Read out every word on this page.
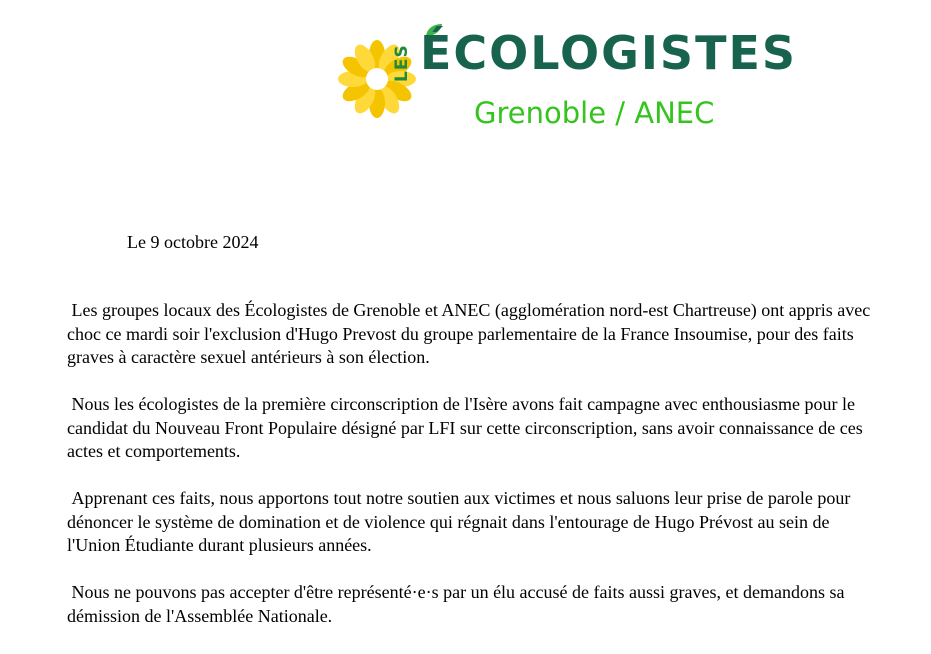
LES ÉCOLOGISTES
Grenoble / ANEC
Le 9 octobre 2024

Les groupes locaux des Écologistes de Grenoble et ANEC (agglomération nord-est Chartreuse) ont appris avec choc ce mardi soir l'exclusion d'Hugo Prevost du groupe parlementaire de la France Insoumise, pour des faits graves à caractère sexuel antérieurs à son élection.

Nous les écologistes de la première circonscription de l'Isère avons fait campagne avec enthousiasme pour le candidat du Nouveau Front Populaire désigné par LFI sur cette circonscription, sans avoir connaissance de ces actes et comportements.

Apprenant ces faits, nous apportons tout notre soutien aux victimes et nous saluons leur prise de parole pour dénoncer le système de domination et de violence qui régnait dans l'entourage de Hugo Prévost au sein de l'Union Étudiante durant plusieurs années.

Nous ne pouvons pas accepter d'être représenté·e·s par un élu accusé de faits aussi graves, et demandons sa démission de l'Assemblée Nationale.
